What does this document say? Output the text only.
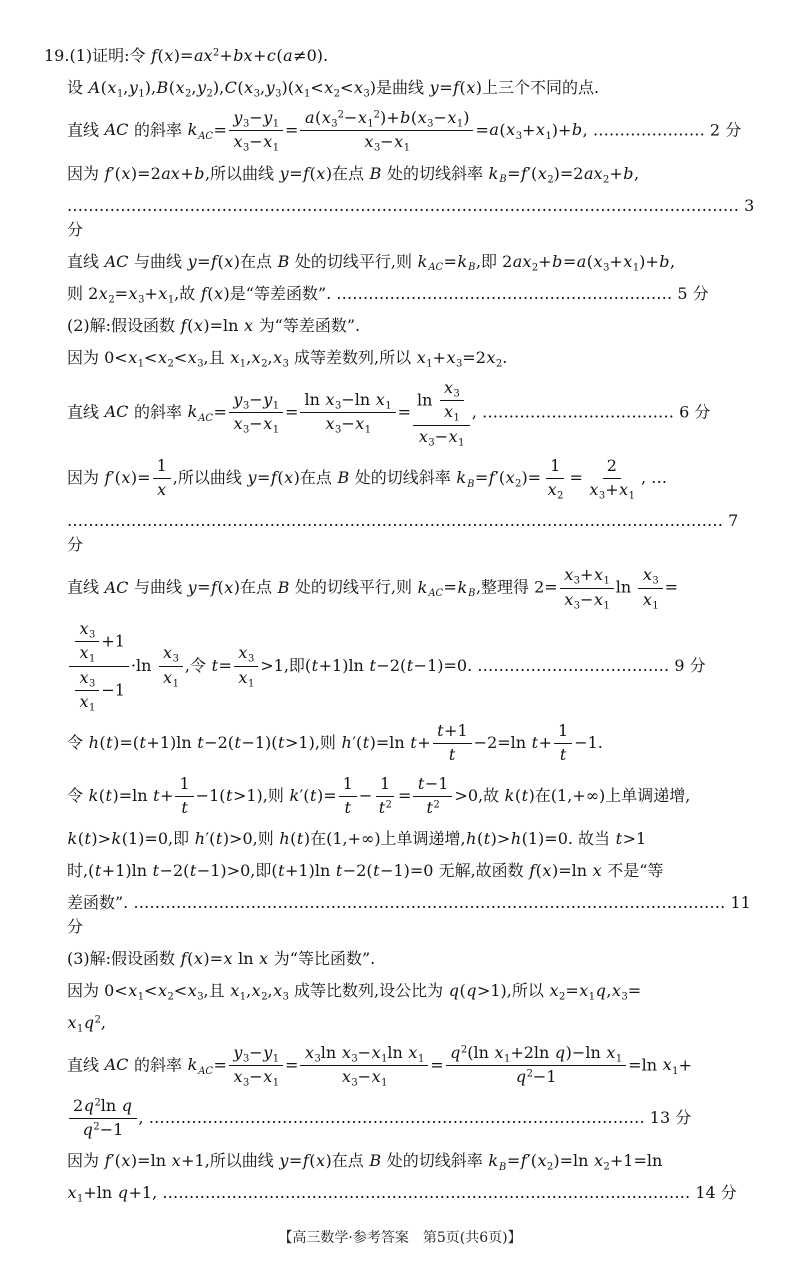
19.(1)证明:令 $f(x)=ax^2+bx+c(a\ne 0)$.
设 $A(x_1,y_1),B(x_2,y_2),C(x_3,y_3)(x_1<x_2<x_3)$是曲线 y=f(x)上三个不同的点.
直线 AC 的斜率 $k_{AC}= \frac{y_3-y_1}{x_3-x_1} = \frac{a(x_3^2-x_1^2)+b(x_3-x_1)}{x_3-x_1} =a(x_3+x_1)+b$, ………………… 2 分
因为 f′(x)=2ax+b,所以曲线 y=f(x)在点 B 处的切线斜率 $k_B=f'(x_2)=2ax_2+b$,
……………………………………………………………………………………………………………… 3 分
直线 AC 与曲线 y=f(x)在点 B 处的切线平行,则 $k_{AC}=k_B$,即 $2ax_2+b=a(x_3+x_1)+b$,
则 $2x_2=x_3+x_1$,故 f(x)是“等差函数”. ……………………………………………………… 5 分
(2)解:假设函数 f(x)=ln x 为“等差函数”.
因为 $0<x_1<x_2<x_3$,且 $x_1,x_2,x_3$ 成等差数列,所以 $x_1+x_3=2x_2$.
直线 AC 的斜率 $k_{AC}= \frac{y_3-y_1}{x_3-x_1} = \frac{\ln x_3-\ln x_1}{x_3-x_1} = \frac{\ln \frac{x_3}{x_1}}{x_3-x_1}$ , ……………………………… 6 分
因为 $f'(x)= \frac{1}{x}$ ,所以曲线 y=f(x)在点 B 处的切线斜率 $k_B=f'(x_2)= \frac{1}{x_2} = \frac{2}{x_3+x_1}$ , …
…………………………………………………………………………………………………………… 7 分
直线 AC 与曲线 y=f(x)在点 B 处的切线平行,则 $k_{AC}=k_B$,整理得 $2= \frac{x_3+x_1}{x_3-x_1}$ $\ln \frac{x_3}{x_1}$ =
$\frac{\frac{x_3}{x_1} +1}{\frac{x_3}{x_1} -1} \cdot\ln \frac{x_3}{x_1}$ ,令 $t= \frac{x_3}{x_1} >1$,即(t+1)ln t−2(t−1)=0. ……………………………… 9 分
令 h(t)=(t+1)ln t−2(t−1)(t>1),则 h′(t)=ln $t+ \frac{t+1}{t} -2=\ln$ $t+ \frac{1}{t} -1$.
令 k(t)=ln $t+ \frac{1}{t} -1(t>1)$,则 $k'(t)= \frac{1}{t} - \frac{1}{t^2} = \frac{t-1}{t^2} >0$,故 k(t)在(1,+∞)上单调递增,
k(t)>k(1)=0,即 h′(t)>0,则 h(t)在(1,+∞)上单调递增,h(t)>h(1)=0. 故当 t>1
时,(t+1)ln t−2(t−1)>0,即(t+1)ln t−2(t−1)=0 无解,故函数 f(x)=ln x 不是“等
差函数”. ………………………………………………………………………………………………… 11 分
(3)解:假设函数 f(x)=x ln x 为“等比函数”.
因为 $0<x_1<x_2<x_3$,且 $x_1,x_2,x_3$ 成等比数列,设公比为 q(q>1),所以 $x_2=x_1q,x_3=$
$x_1q^2$,
直线 AC 的斜率 $k_{AC}= \frac{y_3-y_1}{x_3-x_1} = \frac{x_3\ln x_3-x_1\ln x_1}{x_3-x_1} = \frac{q^2(\ln x_1+2\ln q)-\ln x_1}{q^2-1} =\ln$ $x_1+$
$\frac{2q^2\ln q}{q^2-1}$ , ………………………………………………………………………………… 13 分
因为 f′(x)=ln x+1,所以曲线 y=f(x)在点 B 处的切线斜率 $k_B=f'(x_2)=\ln$ $x_2+1=\ln$
$x_1+\ln$ q+1, ……………………………………………………………………………………… 14 分
【高三数学·参考答案　第5页(共6页)】
